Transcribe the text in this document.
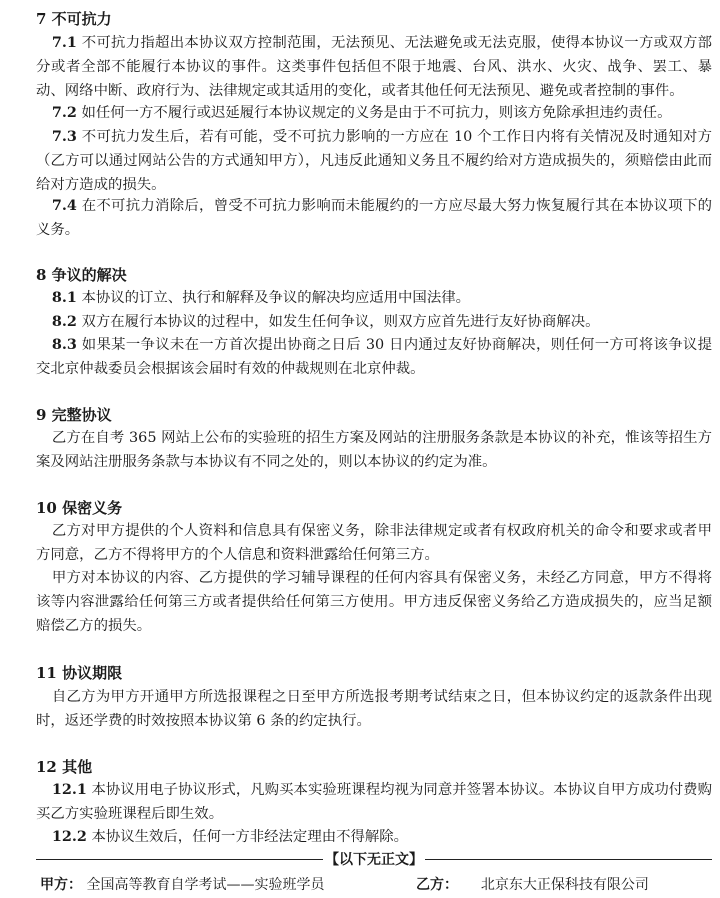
7 不可抗力
7.1 不可抗力指超出本协议双方控制范围，无法预见、无法避免或无法克服，使得本协议一方或双方部分或者全部不能履行本协议的事件。这类事件包括但不限于地震、台风、洪水、火灾、战争、罢工、暴动、网络中断、政府行为、法律规定或其适用的变化，或者其他任何无法预见、避免或者控制的事件。
7.2 如任何一方不履行或迟延履行本协议规定的义务是由于不可抗力，则该方免除承担违约责任。
7.3 不可抗力发生后，若有可能，受不可抗力影响的一方应在 10 个工作日内将有关情况及时通知对方（乙方可以通过网站公告的方式通知甲方），凡违反此通知义务且不履约给对方造成损失的，须赔偿由此而给对方造成的损失。
7.4 在不可抗力消除后，曾受不可抗力影响而未能履约的一方应尽最大努力恢复履行其在本协议项下的义务。
8 争议的解决
8.1 本协议的订立、执行和解释及争议的解决均应适用中国法律。
8.2 双方在履行本协议的过程中，如发生任何争议，则双方应首先进行友好协商解决。
8.3 如果某一争议未在一方首次提出协商之日后 30 日内通过友好协商解决，则任何一方可将该争议提交北京仲裁委员会根据该会届时有效的仲裁规则在北京仲裁。
9 完整协议
乙方在自考 365 网站上公布的实验班的招生方案及网站的注册服务条款是本协议的补充，惟该等招生方案及网站注册服务条款与本协议有不同之处的，则以本协议的约定为准。
10 保密义务
乙方对甲方提供的个人资料和信息具有保密义务，除非法律规定或者有权政府机关的命令和要求或者甲方同意，乙方不得将甲方的个人信息和资料泄露给任何第三方。
甲方对本协议的内容、乙方提供的学习辅导课程的任何内容具有保密义务，未经乙方同意，甲方不得将该等内容泄露给任何第三方或者提供给任何第三方使用。甲方违反保密义务给乙方造成损失的，应当足额赔偿乙方的损失。
11 协议期限
自乙方为甲方开通甲方所选报课程之日至甲方所选报考期考试结束之日，但本协议约定的返款条件出现时，返还学费的时效按照本协议第 6 条的约定执行。
12 其他
12.1 本协议用电子协议形式，凡购买本实验班课程均视为同意并签署本协议。本协议自甲方成功付费购买乙方实验班课程后即生效。
12.2 本协议生效后，任何一方非经法定理由不得解除。
【以下无正文】
甲方： 全国高等教育自学考试——实验班学员	乙方： 北京东大正保科技有限公司
